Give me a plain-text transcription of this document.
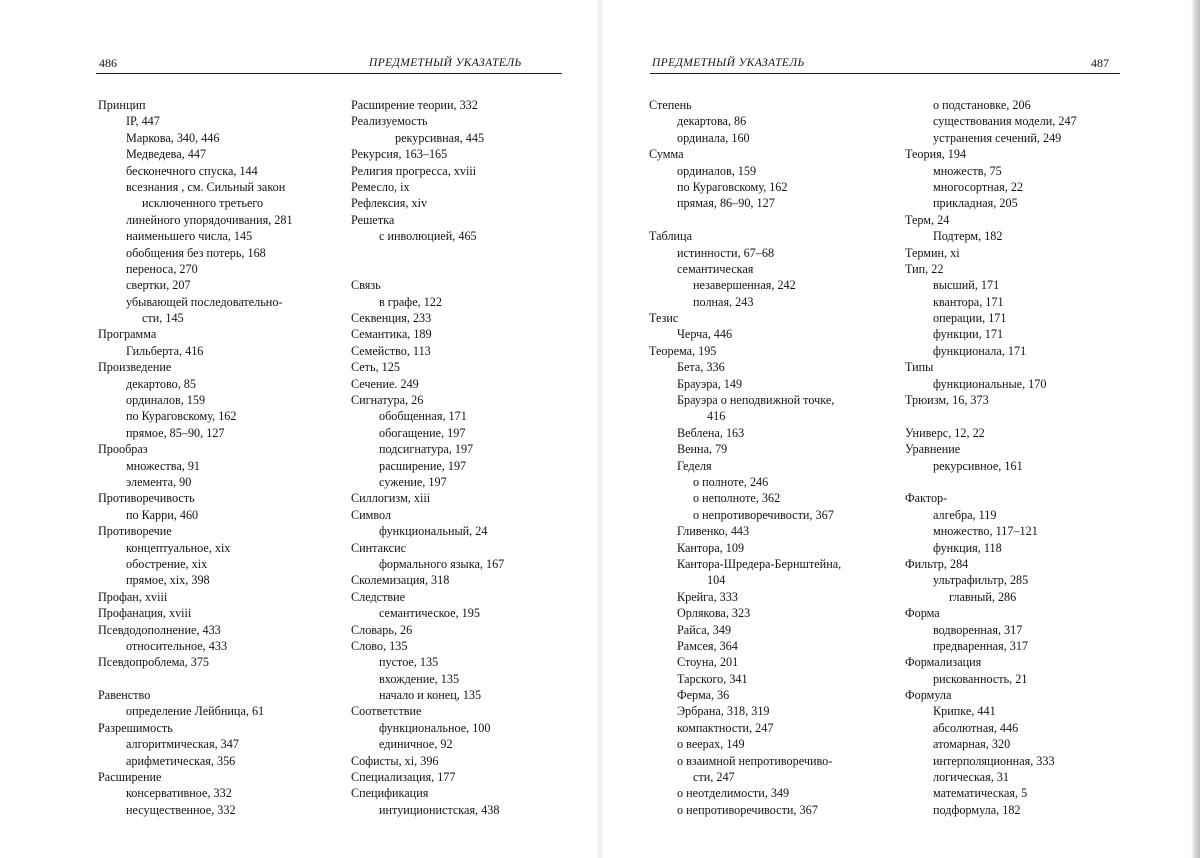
486	ПРЕДМЕТНЫЙ УКАЗАТЕЛЬ
Принцип
IP, 447
Маркова, 340, 446
Медведева, 447
бесконечного спуска, 144
всезнания , см. Сильный закон
исключенного третьего
линейного упорядочивания, 281
наименьшего числа, 145
обобщения без потерь, 168
переноса, 270
свертки, 207
убывающей последовательно-
сти, 145
Программа
Гильберта, 416
Произведение
декартово, 85
ординалов, 159
по Кураговскому, 162
прямое, 85–90, 127
Прообраз
множества, 91
элемента, 90
Противоречивость
по Карри, 460
Противоречие
концептуальное, xix
обострение, xix
прямое, xix, 398
Профан, xviii
Профанация, xviii
Псевдодополнение, 433
относительное, 433
Псевдопроблема, 375
Равенство
определение Лейбница, 61
Разрешимость
алгоритмическая, 347
арифметическая, 356
Расширение
консервативное, 332
несущественное, 332
Расширение теории, 332
Реализуемость
рекурсивная, 445
Рекурсия, 163–165
Религия прогресса, xviii
Ремесло, ix
Рефлексия, xiv
Решетка
с инволюцией, 465
Связь
в графе, 122
Секвенция, 233
Семантика, 189
Семейство, 113
Сеть, 125
Сечение. 249
Сигнатура, 26
обобщенная, 171
обогащение, 197
подсигнатура, 197
расширение, 197
сужение, 197
Силлогизм, xiii
Символ
функциональный, 24
Синтаксис
формального языка, 167
Сколемизация, 318
Следствие
семантическое, 195
Словарь, 26
Слово, 135
пустое, 135
вхождение, 135
начало и конец, 135
Соответствие
функциональное, 100
единичное, 92
Софисты, xi, 396
Специализация, 177
Спецификация
интуиционистская, 438
ПРЕДМЕТНЫЙ УКАЗАТЕЛЬ	487
Степень
декартова, 86
ординала, 160
Сумма
ординалов, 159
по Кураговскому, 162
прямая, 86–90, 127
Таблица
истинности, 67–68
семантическая
незавершенная, 242
полная, 243
Тезис
Черча, 446
Теорема, 195
Бета, 336
Брауэра, 149
Брауэра о неподвижной точке,
416
Веблена, 163
Венна, 79
Геделя
о полноте, 246
о неполноте, 362
о непротиворечивости, 367
Гливенко, 443
Кантора, 109
Кантора-Шредера-Бернштейна,
104
Крейга, 333
Орлякова, 323
Райса, 349
Рамсея, 364
Стоуна, 201
Тарского, 341
Ферма, 36
Эрбрана, 318, 319
компактности, 247
о веерах, 149
о взаимной непротиворечиво-
сти, 247
о неотделимости, 349
о непротиворечивости, 367
о подстановке, 206
существования модели, 247
устранения сечений, 249
Теория, 194
множеств, 75
многосортная, 22
прикладная, 205
Терм, 24
Подтерм, 182
Термин, xi
Тип, 22
высший, 171
кванторa, 171
операции, 171
функции, 171
функционала, 171
Типы
функциональные, 170
Трюизм, 16, 373
Универс, 12, 22
Уравнение
рекурсивное, 161
Фактор-
алгебра, 119
множество, 117–121
функция, 118
Фильтр, 284
ультрафильтр, 285
главный, 286
Форма
водворенная, 317
предваренная, 317
Формализация
рискованность, 21
Формула
Крипке, 441
абсолютная, 446
атомарная, 320
интерполяционная, 333
логическая, 31
математическая, 5
подформула, 182
